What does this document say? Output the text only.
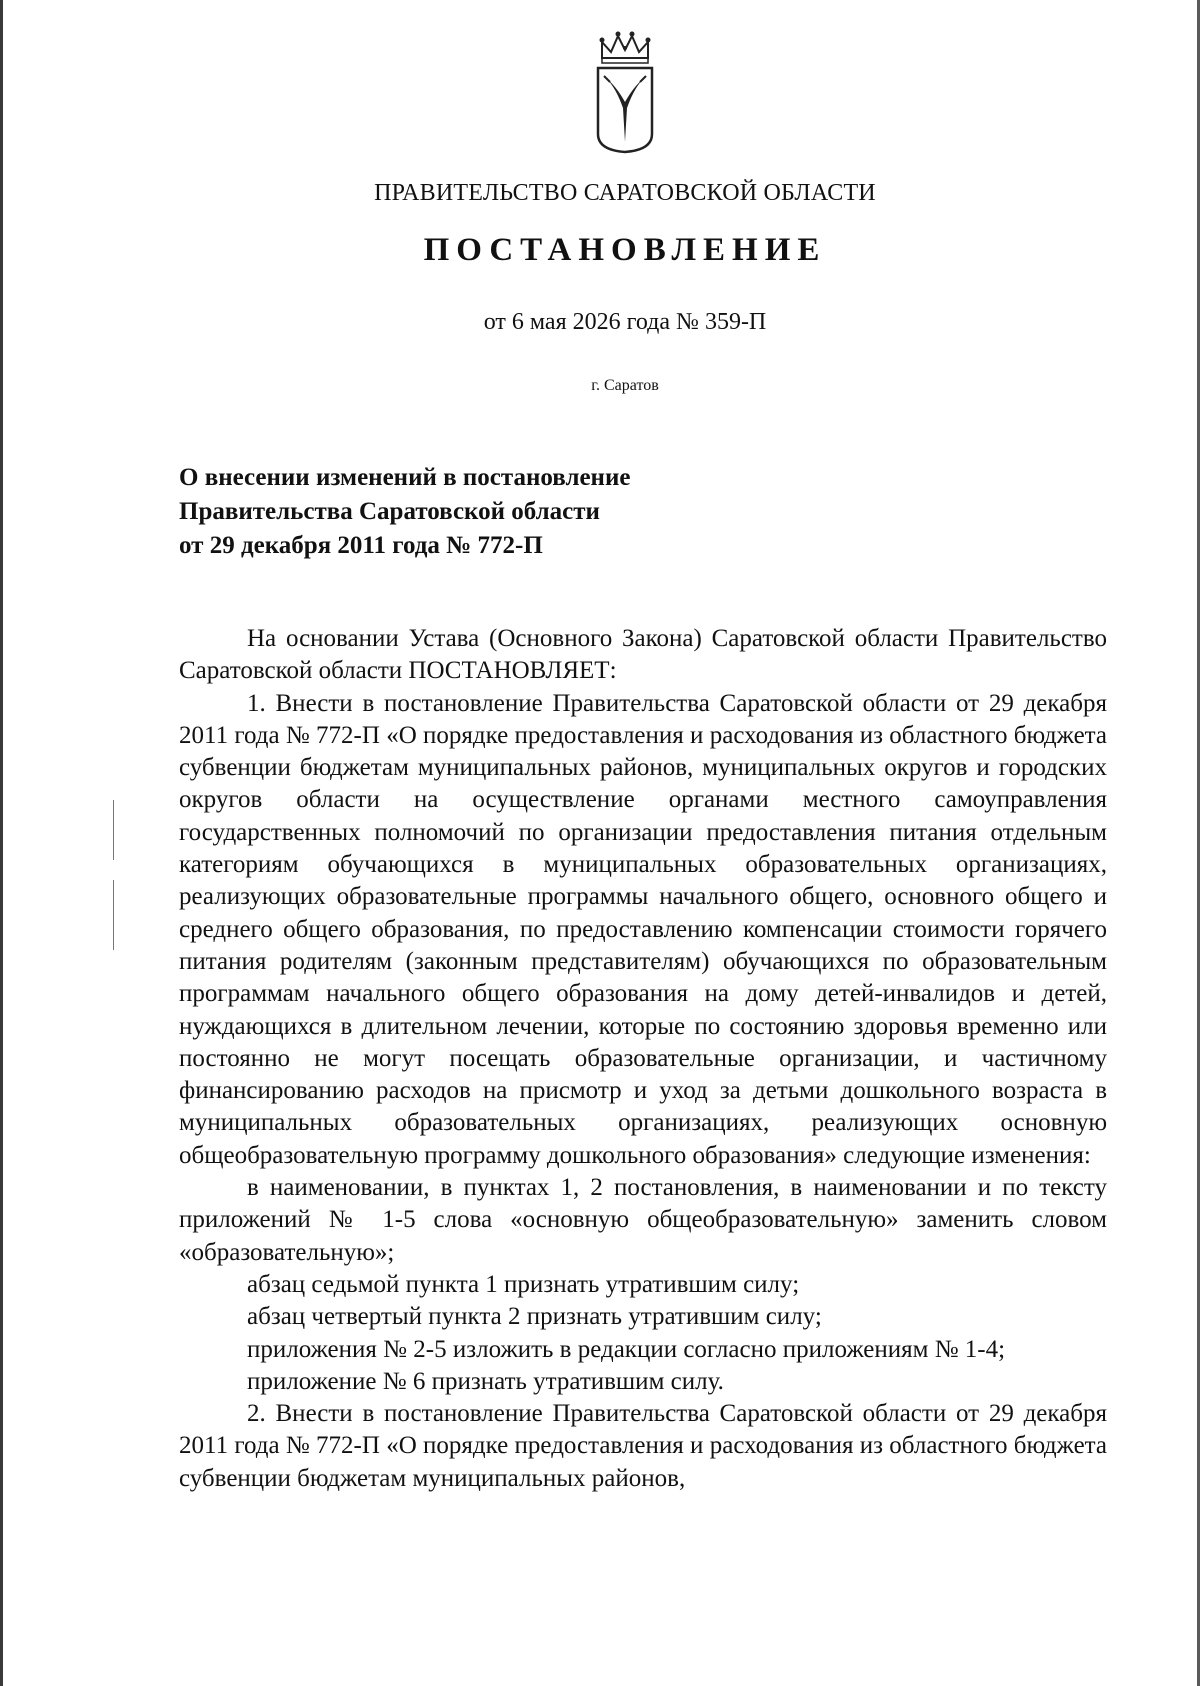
ПРАВИТЕЛЬСТВО САРАТОВСКОЙ ОБЛАСТИ
ПОСТАНОВЛЕНИЕ
от 6 мая 2026 года № 359-П
г. Саратов
О внесении изменений в постановление
Правительства Саратовской области
от 29 декабря 2011 года № 772-П

На основании Устава (Основного Закона) Саратовской области Правительство Саратовской области ПОСТАНОВЛЯЕТ:

1. Внести в постановление Правительства Саратовской области от 29 декабря 2011 года № 772-П «О порядке предоставления и расходования из областного бюджета субвенции бюджетам муниципальных районов, муниципальных округов и городских округов области на осуществление органами местного самоуправления государственных полномочий по организации предоставления питания отдельным категориям обучающихся в муниципальных образовательных организациях, реализующих образовательные программы начального общего, основного общего и среднего общего образования, по предоставлению компенсации стоимости горячего питания родителям (законным представителям) обучающихся по образовательным программам начального общего образования на дому детей-инвалидов и детей, нуждающихся в длительном лечении, которые по состоянию здоровья временно или постоянно не могут посещать образовательные организации, и частичному финансированию расходов на присмотр и уход за детьми дошкольного возраста в муниципальных образовательных организациях, реализующих основную общеобразовательную программу дошкольного образования» следующие изменения:

в наименовании, в пунктах 1, 2 постановления, в наименовании и по тексту приложений № 1-5 слова «основную общеобразовательную» заменить словом «образовательную»;

абзац седьмой пункта 1 признать утратившим силу;

абзац четвертый пункта 2 признать утратившим силу;

приложения № 2-5 изложить в редакции согласно приложениям № 1-4;

приложение № 6 признать утратившим силу.

2. Внести в постановление Правительства Саратовской области от 29 декабря 2011 года № 772-П «О порядке предоставления и расходования из областного бюджета субвенции бюджетам муниципальных районов,
